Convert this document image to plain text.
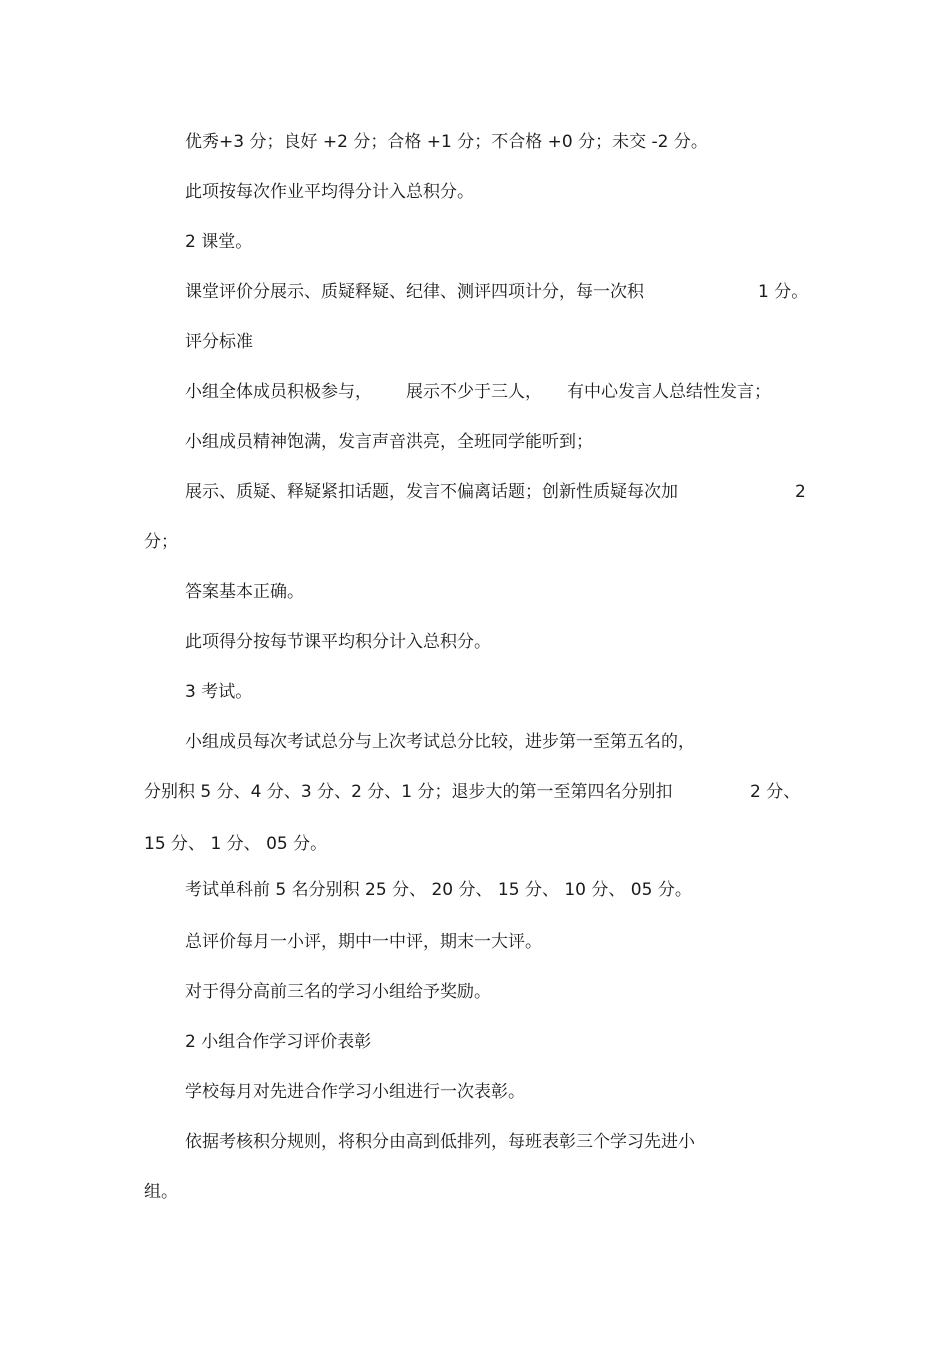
优秀+3 分；良好 +2 分；合格 +1 分；不合格 +0 分；未交 -2 分。
此项按每次作业平均得分计入总积分。
2 课堂。
课堂评价分展示、质疑释疑、纪律、测评四项计分，每一次积	1 分。
评分标准
小组全体成员积极参与， 展示不少于三人， 有中心发言人总结性发言；
小组成员精神饱满，发言声音洪亮，全班同学能听到；
展示、质疑、释疑紧扣话题，发言不偏离话题；创新性质疑每次加	2
分；
答案基本正确。
此项得分按每节课平均积分计入总积分。
3 考试。
小组成员每次考试总分与上次考试总分比较，进步第一至第五名的，
分别积 5 分、4 分、3 分、2 分、1 分；退步大的第一至第四名分别扣	2 分、
15 分、 1 分、 05 分。
考试单科前 5 名分别积 25 分、 20 分、 15 分、 10 分、 05 分。
总评价每月一小评，期中一中评，期末一大评。
对于得分高前三名的学习小组给予奖励。
2 小组合作学习评价表彰
学校每月对先进合作学习小组进行一次表彰。
依据考核积分规则，将积分由高到低排列，每班表彰三个学习先进小
组。
